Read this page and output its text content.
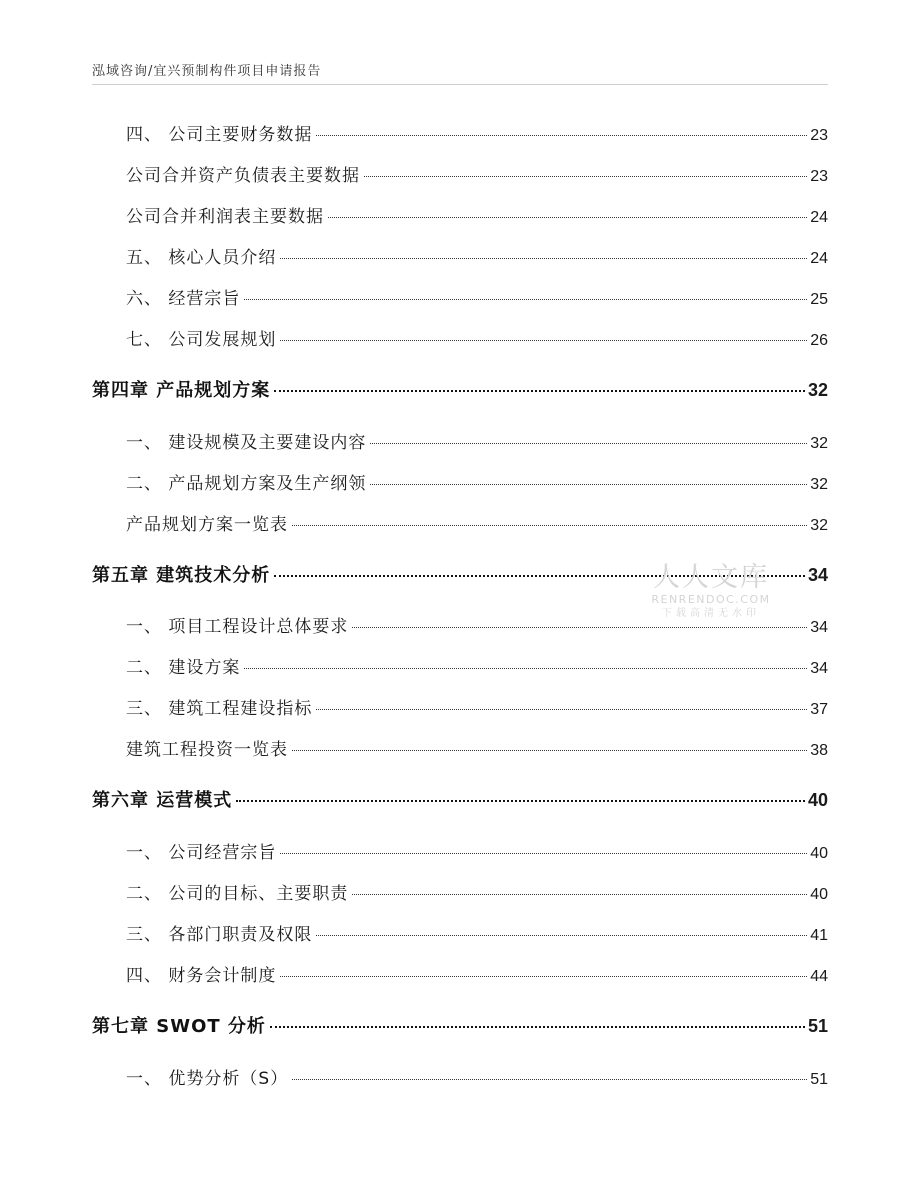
泓域咨询/宜兴预制构件项目申请报告
四、 公司主要财务数据	23
公司合并资产负债表主要数据	23
公司合并利润表主要数据	24
五、 核心人员介绍	24
六、 经营宗旨	25
七、 公司发展规划	26
第四章 产品规划方案	32
一、 建设规模及主要建设内容	32
二、 产品规划方案及生产纲领	32
产品规划方案一览表	32
第五章 建筑技术分析	34
一、 项目工程设计总体要求	34
二、 建设方案	34
三、 建筑工程建设指标	37
建筑工程投资一览表	38
第六章 运营模式	40
一、 公司经营宗旨	40
二、 公司的目标、主要职责	40
三、 各部门职责及权限	41
四、 财务会计制度	44
第七章 SWOT 分析	51
一、 优势分析（S）	51
人人文库
RENRENDOC.COM
下载高清无水印
